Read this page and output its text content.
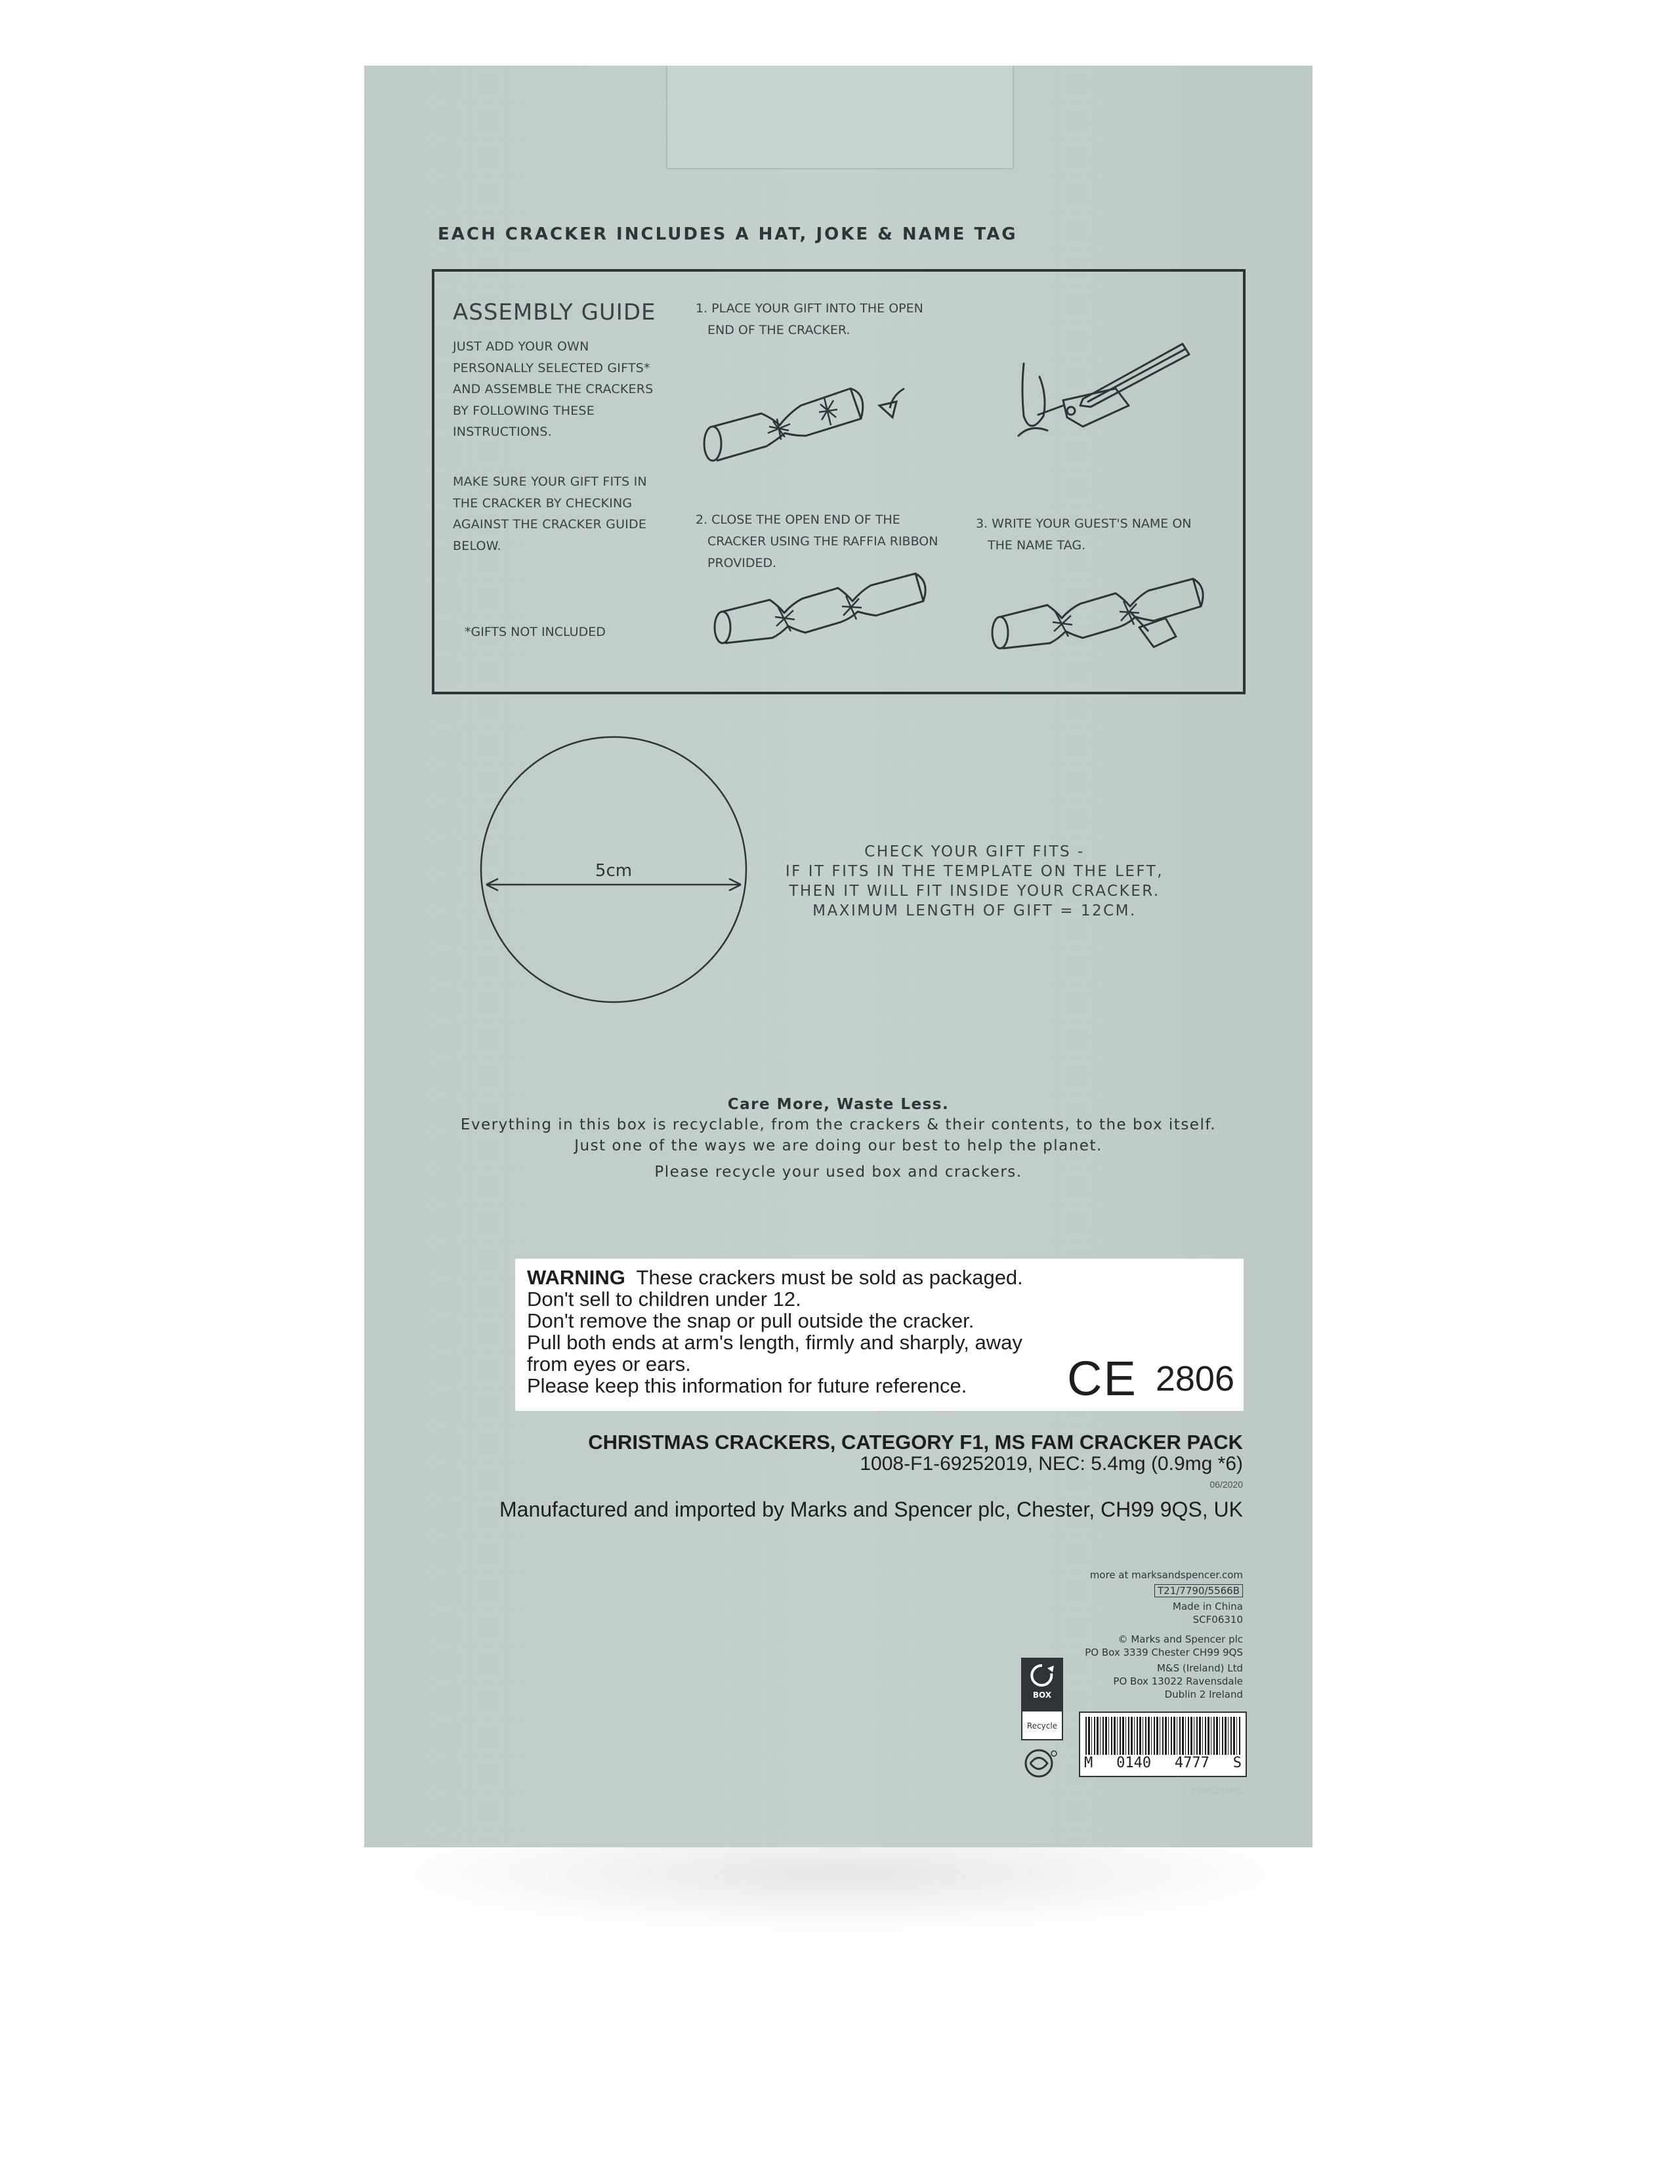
EACH CRACKER INCLUDES A HAT, JOKE & NAME TAG
ASSEMBLY GUIDE
JUST ADD YOUR OWN
PERSONALLY SELECTED GIFTS*
AND ASSEMBLE THE CRACKERS
BY FOLLOWING THESE
INSTRUCTIONS.
MAKE SURE YOUR GIFT FITS IN
THE CRACKER BY CHECKING
AGAINST THE CRACKER GUIDE
BELOW.
*GIFTS NOT INCLUDED
1. PLACE YOUR GIFT INTO THE OPEN
END OF THE CRACKER.
2. CLOSE THE OPEN END OF THE
CRACKER USING THE RAFFIA RIBBON
PROVIDED.
3. WRITE YOUR GUEST'S NAME ON
THE NAME TAG.
5cm
CHECK YOUR GIFT FITS -
IF IT FITS IN THE TEMPLATE ON THE LEFT,
THEN IT WILL FIT INSIDE YOUR CRACKER.
MAXIMUM LENGTH OF GIFT = 12CM.
Care More, Waste Less.
Everything in this box is recyclable, from the crackers & their contents, to the box itself.
Just one of the ways we are doing our best to help the planet.
Please recycle your used box and crackers.
WARNING These crackers must be sold as packaged.
Don't sell to children under 12.
Don't remove the snap or pull outside the cracker.
Pull both ends at arm's length, firmly and sharply, away
from eyes or ears.
Please keep this information for future reference.	CE 2806
CHRISTMAS CRACKERS, CATEGORY F1, MS FAM CRACKER PACK
1008-F1-69252019, NEC: 5.4mg (0.9mg *6)
06/2020
Manufactured and imported by Marks and Spencer plc, Chester, CH99 9QS, UK
more at marksandspencer.com
T21/7790/5566B
Made in China
SCF06310
© Marks and Spencer plc
PO Box 3339 Chester CH99 9QS
M&S (Ireland) Ltd
PO Box 13022 Ravensdale
Dublin 2 Ireland
BOX
Recycle
M 0140 4777 S
290620H01
